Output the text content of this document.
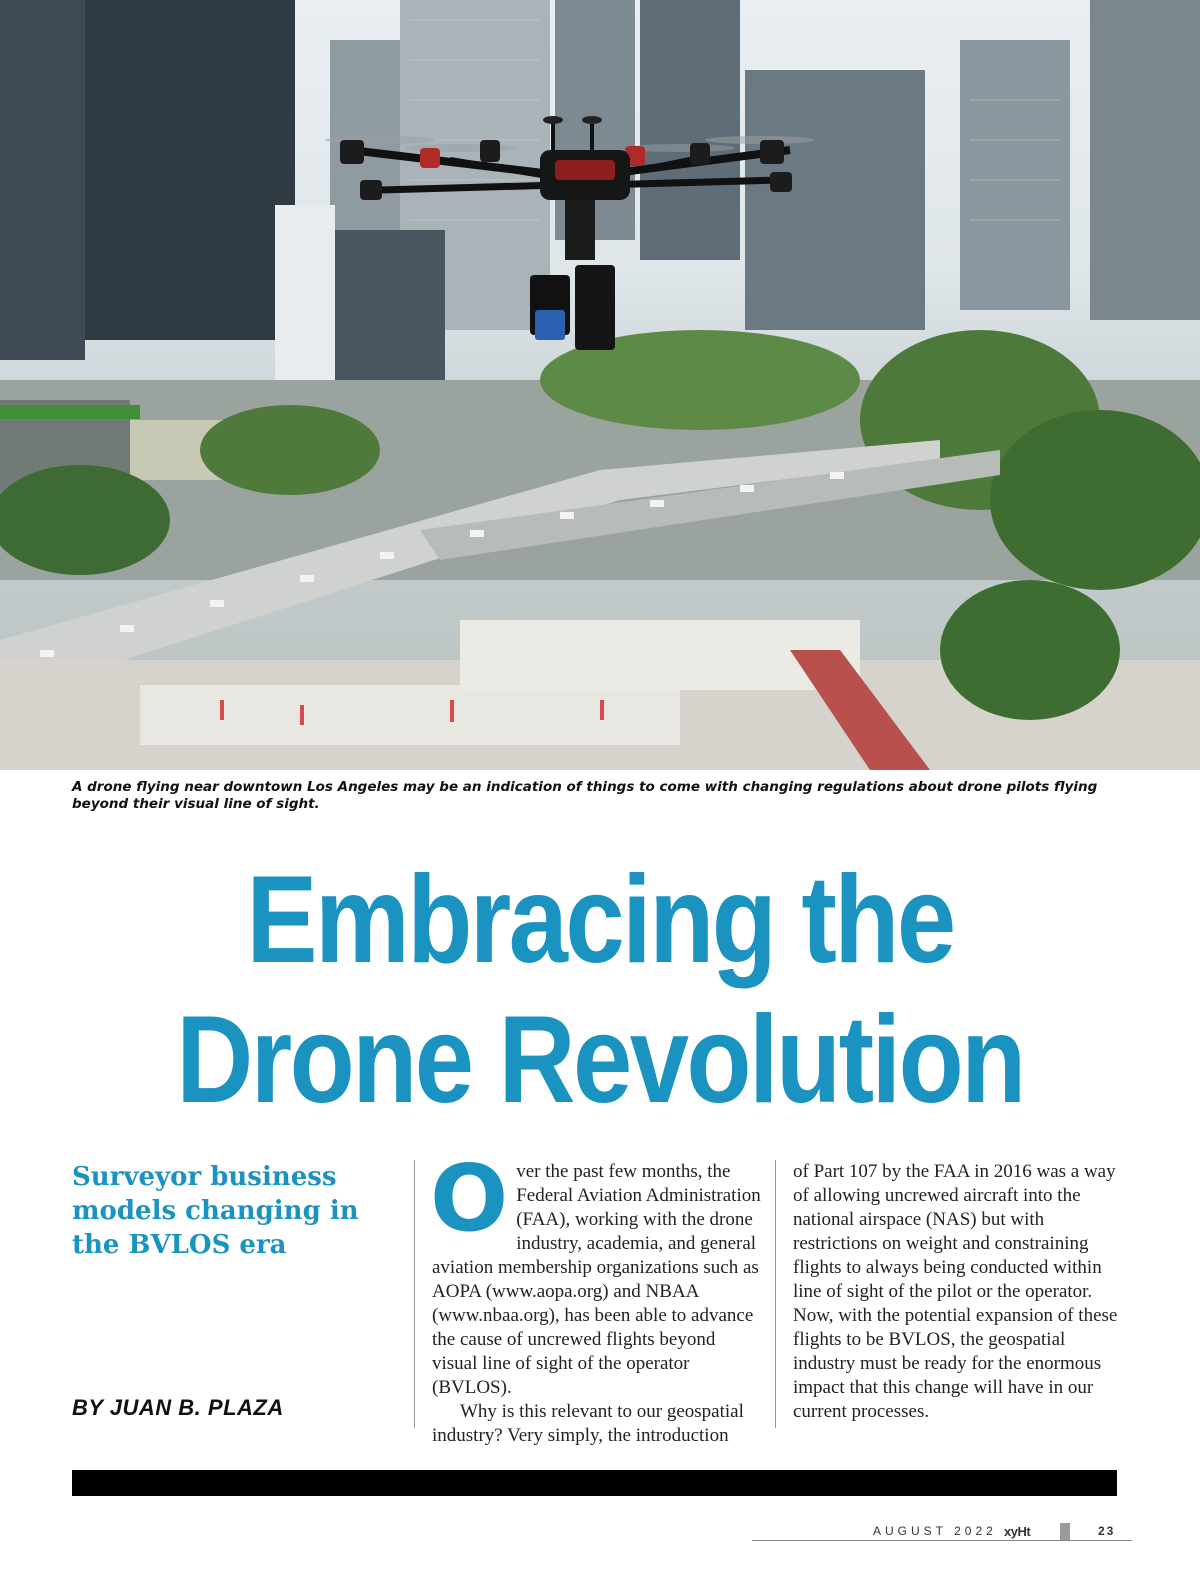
A drone flying near downtown Los Angeles may be an indication of things to come with changing regulations about drone pilots flying beyond their visual line of sight.
Embracing the
Drone Revolution
Surveyor business models changing in the BVLOS era
BY JUAN B. PLAZA

Over the past few months, the Federal Aviation Administration (FAA), working with the drone industry, academia, and general aviation membership organizations such as AOPA (www.aopa.org) and NBAA (www.nbaa.org), has been able to advance the cause of uncrewed flights beyond visual line of sight of the operator (BVLOS).

Why is this relevant to our geospatial industry? Very simply, the introduction

of Part 107 by the FAA in 2016 was a way of allowing uncrewed aircraft into the national airspace (NAS) but with restrictions on weight and constraining flights to always being conducted within line of sight of the pilot or the operator. Now, with the potential expansion of these flights to be BVLOS, the geospatial industry must be ready for the enormous impact that this change will have in our current processes.

AUGUST 2022 xyHt	23
